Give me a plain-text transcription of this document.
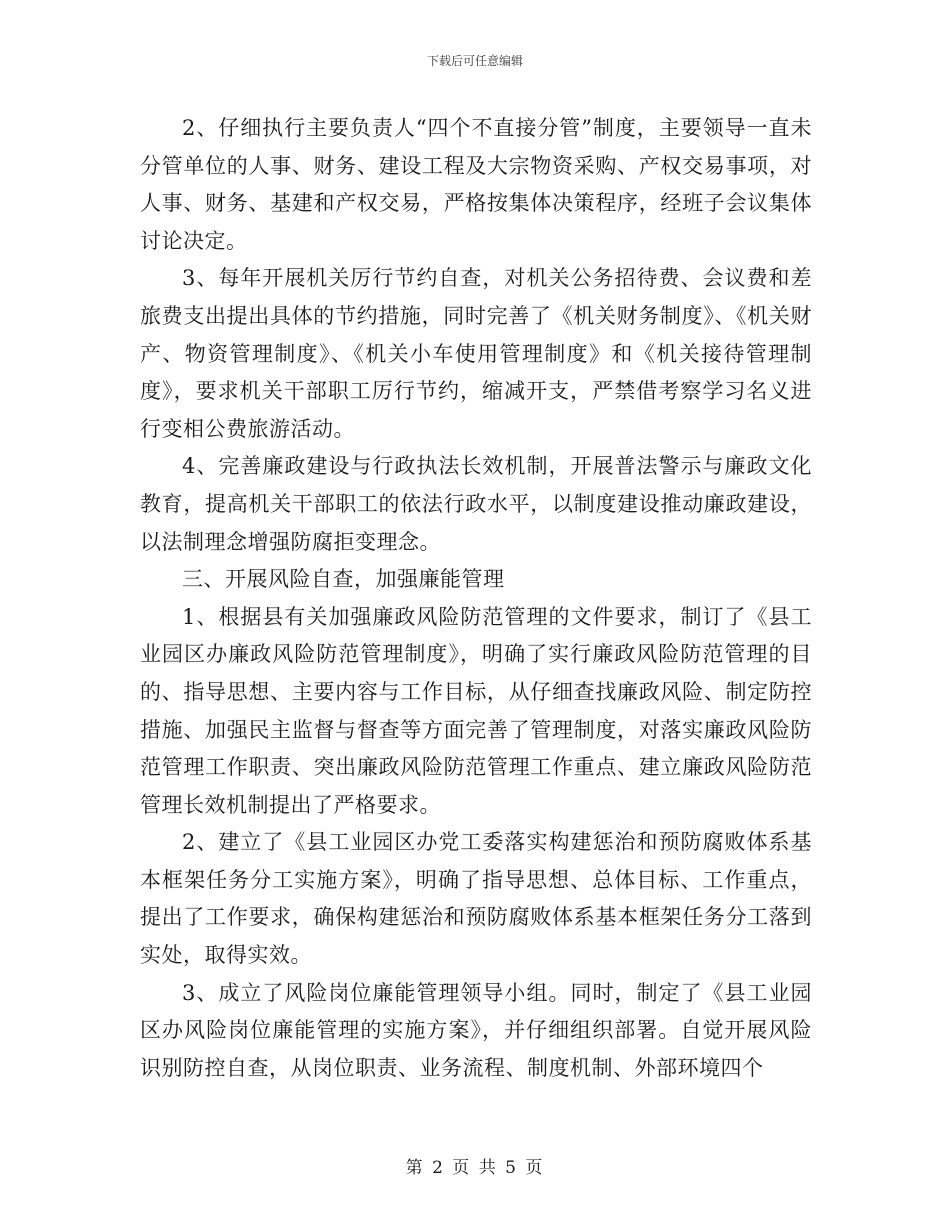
下载后可任意编辑

2、仔细执行主要负责人“四个不直接分管”制度，主要领导一直未分管单位的人事、财务、建设工程及大宗物资采购、产权交易事项，对人事、财务、基建和产权交易，严格按集体决策程序，经班子会议集体讨论决定。

3、每年开展机关厉行节约自查，对机关公务招待费、会议费和差旅费支出提出具体的节约措施，同时完善了《机关财务制度》、《机关财产、物资管理制度》、《机关小车使用管理制度》和《机关接待管理制度》，要求机关干部职工厉行节约，缩减开支，严禁借考察学习名义进行变相公费旅游活动。

4、完善廉政建设与行政执法长效机制，开展普法警示与廉政文化教育，提高机关干部职工的依法行政水平，以制度建设推动廉政建设，以法制理念增强防腐拒变理念。

三、开展风险自查，加强廉能管理

1、根据县有关加强廉政风险防范管理的文件要求，制订了《县工业园区办廉政风险防范管理制度》，明确了实行廉政风险防范管理的目的、指导思想、主要内容与工作目标，从仔细查找廉政风险、制定防控措施、加强民主监督与督查等方面完善了管理制度，对落实廉政风险防范管理工作职责、突出廉政风险防范管理工作重点、建立廉政风险防范管理长效机制提出了严格要求。

2、建立了《县工业园区办党工委落实构建惩治和预防腐败体系基本框架任务分工实施方案》，明确了指导思想、总体目标、工作重点，提出了工作要求，确保构建惩治和预防腐败体系基本框架任务分工落到实处，取得实效。

3、成立了风险岗位廉能管理领导小组。同时，制定了《县工业园区办风险岗位廉能管理的实施方案》，并仔细组织部署。自觉开展风险识别防控自查，从岗位职责、业务流程、制度机制、外部环境四个

第 2 页 共 5 页
